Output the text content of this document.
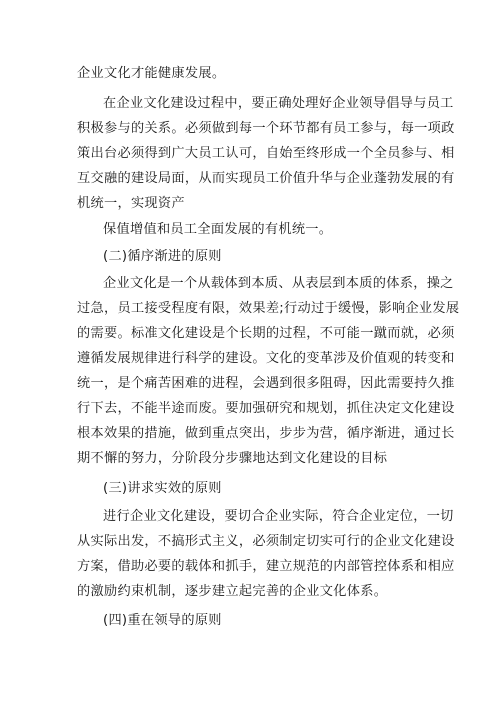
企业文化才能健康发展。
在企业文化建设过程中，要正确处理好企业领导倡导与员工
积极参与的关系。必须做到每一个环节都有员工参与，每一项政
策出台必须得到广大员工认可，自始至终形成一个全员参与、相
互交融的建设局面，从而实现员工价值升华与企业蓬勃发展的有
机统一，实现资产
保值增值和员工全面发展的有机统一。
(二)循序渐进的原则
企业文化是一个从载体到本质、从表层到本质的体系，操之
过急，员工接受程度有限，效果差;行动过于缓慢，影响企业发展
的需要。标准文化建设是个长期的过程，不可能一蹴而就，必须
遵循发展规律进行科学的建设。文化的变革涉及价值观的转变和
统一，是个痛苦困难的进程，会遇到很多阻碍，因此需要持久推
行下去，不能半途而废。要加强研究和规划，抓住决定文化建设
根本效果的措施，做到重点突出，步步为营，循序渐进，通过长
期不懈的努力，分阶段分步骤地达到文化建设的目标
(三)讲求实效的原则
进行企业文化建设，要切合企业实际，符合企业定位，一切
从实际出发，不搞形式主义，必须制定切实可行的企业文化建设
方案，借助必要的载体和抓手，建立规范的内部管控体系和相应
的激励约束机制，逐步建立起完善的企业文化体系。
(四)重在领导的原则
